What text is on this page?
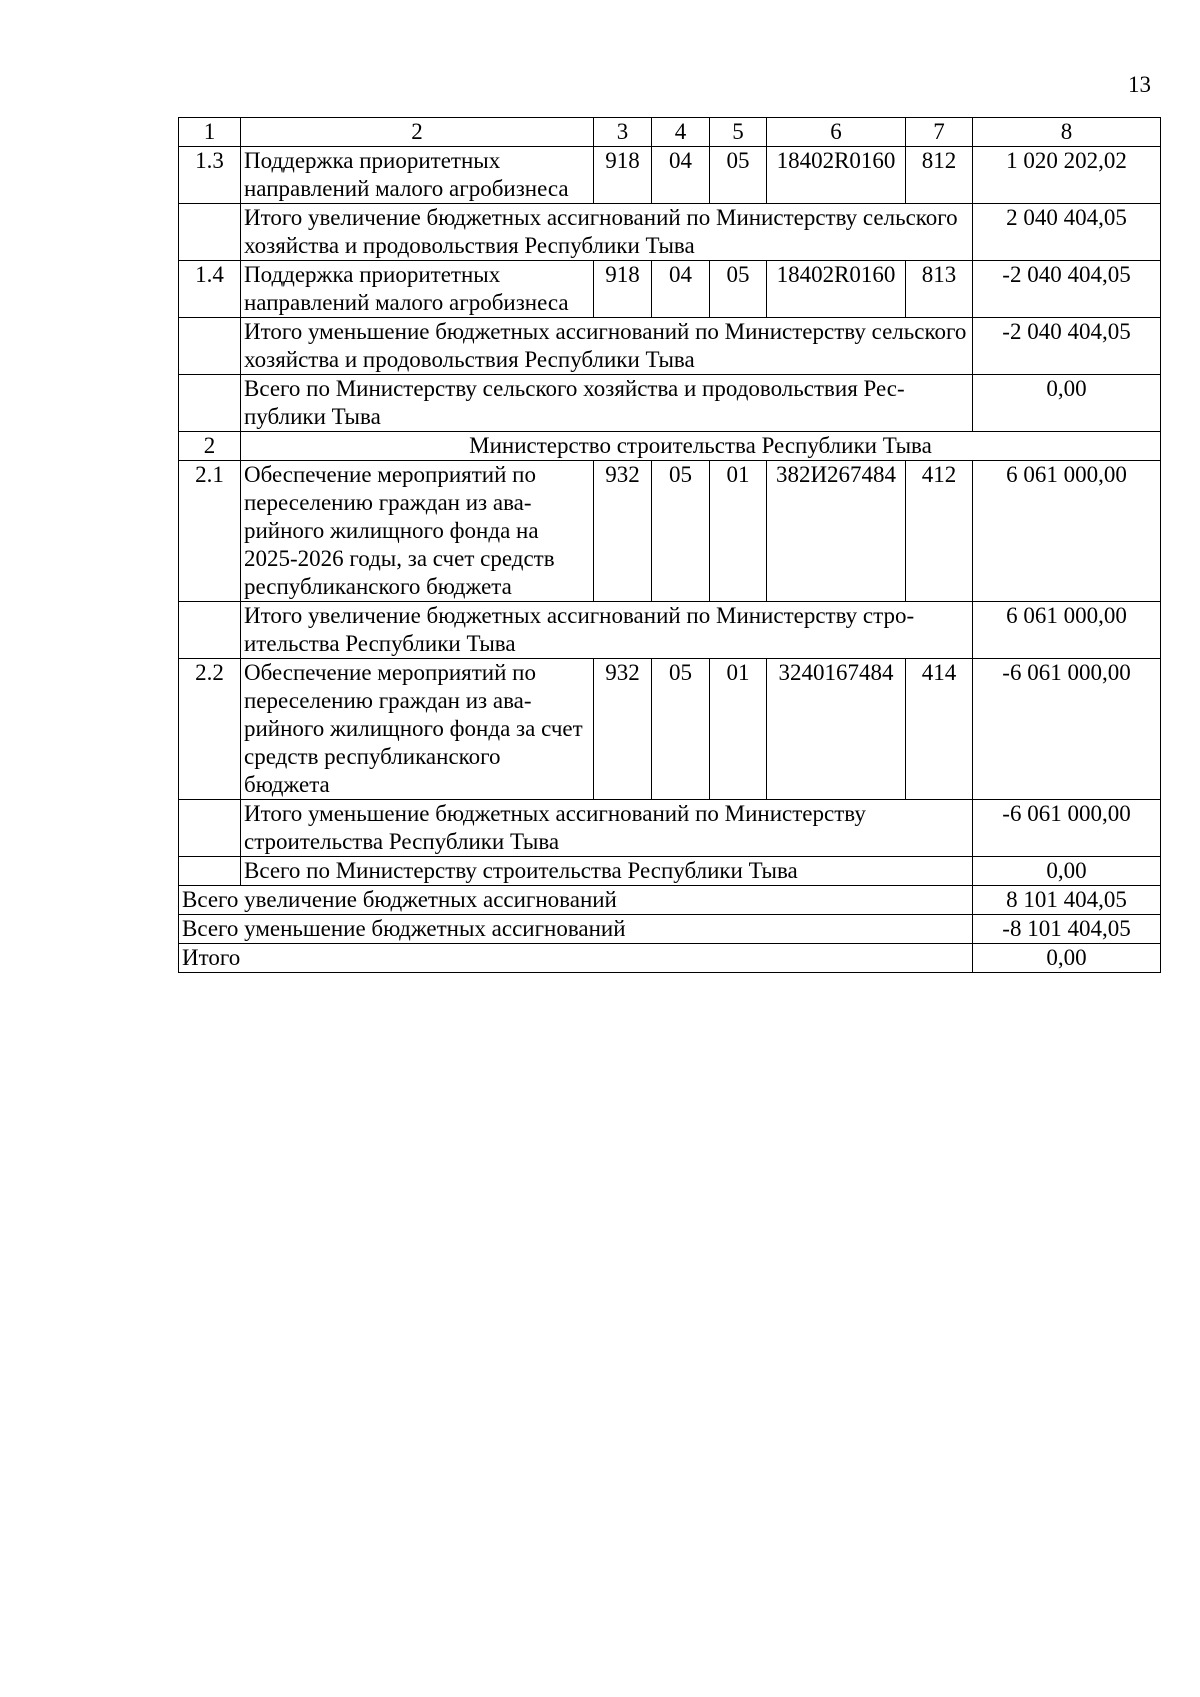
13
1	2	3	4	5	6	7	8
1.3	Поддержка приоритетных направлений малого агробизнеса	918	04	05	18402R0160	812	1 020 202,02
	Итого увеличение бюджетных ассигнований по Министерству сельского хозяйства и продовольствия Республики Тыва						2 040 404,05
1.4	Поддержка приоритетных направлений малого агробизнеса	918	04	05	18402R0160	813	-2 040 404,05
	Итого уменьшение бюджетных ассигнований по Министерству сельского хозяйства и продовольствия Республики Тыва						-2 040 404,05
	Всего по Министерству сельского хозяйства и продовольствия Республики Тыва						0,00
2	Министерство строительства Республики Тыва						
2.1	Обеспечение мероприятий по переселению граждан из аварийного жилищного фонда на 2025-2026 годы, за счет средств республиканского бюджета	932	05	01	382И267484	412	6 061 000,00
	Итого увеличение бюджетных ассигнований по Министерству строительства Республики Тыва						6 061 000,00
2.2	Обеспечение мероприятий по переселению граждан из аварийного жилищного фонда за счет средств республиканского бюджета	932	05	01	3240167484	414	-6 061 000,00
	Итого уменьшение бюджетных ассигнований по Министерству строительства Республики Тыва						-6 061 000,00
	Всего по Министерству строительства Республики Тыва						0,00
Всего увеличение бюджетных ассигнований							8 101 404,05
Всего уменьшение бюджетных ассигнований							-8 101 404,05
Итого							0,00
